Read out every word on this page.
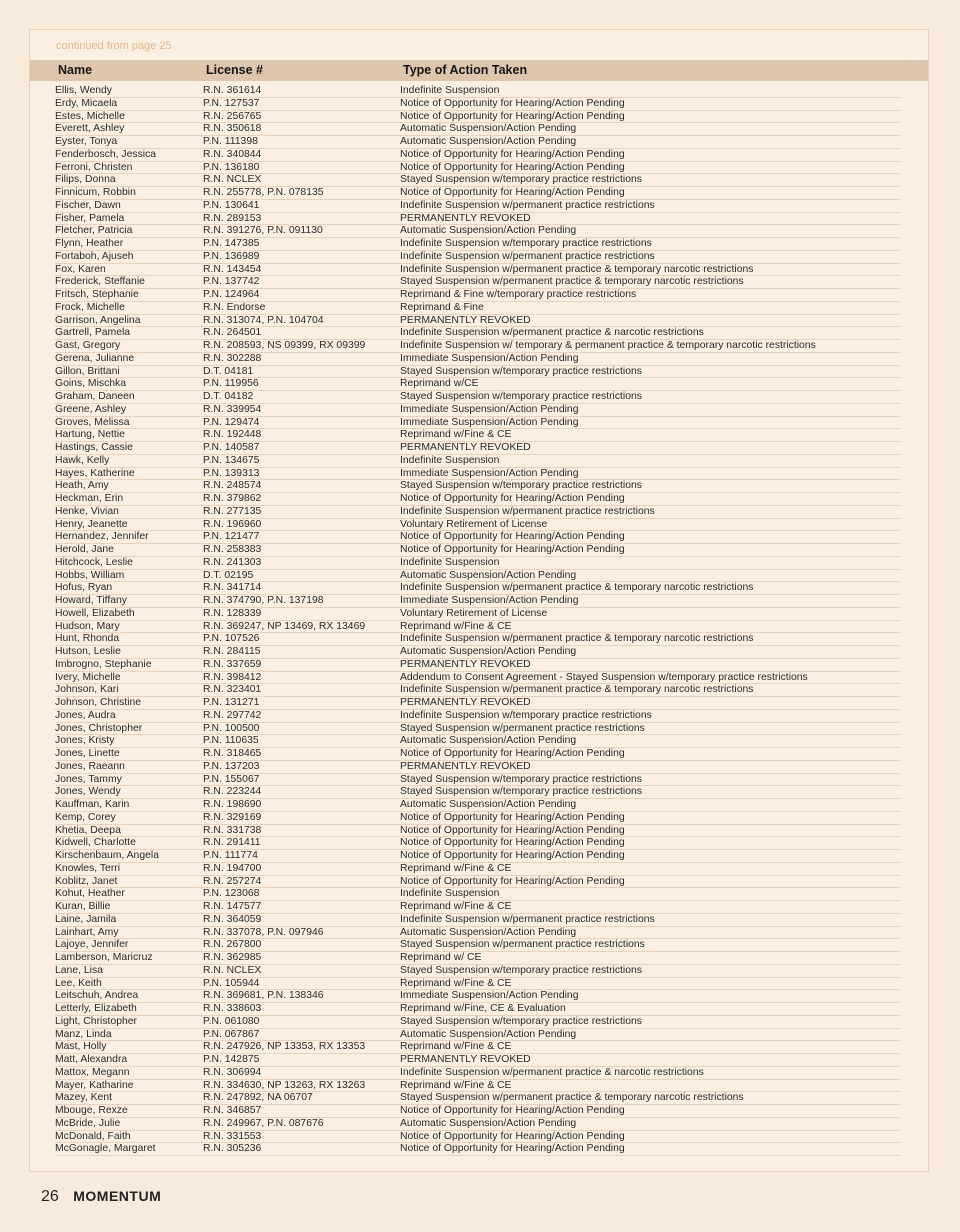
continued from page 25
Name	License #	Type of Action Taken
Ellis, Wendy	R.N. 361614	Indefinite Suspension
Erdy, Micaela	P.N. 127537	Notice of Opportunity for Hearing/Action Pending
Estes, Michelle	R.N. 256765	Notice of Opportunity for Hearing/Action Pending
Everett, Ashley	R.N. 350618	Automatic Suspension/Action Pending
Eyster, Tonya	P.N. 111398	Automatic Suspension/Action Pending
Fenderbosch, Jessica	R.N. 340844	Notice of Opportunity for Hearing/Action Pending
Ferroni, Christen	P.N. 136180	Notice of Opportunity for Hearing/Action Pending
Filips, Donna	R.N. NCLEX	Stayed Suspension w/temporary practice restrictions
Finnicum, Robbin	R.N. 255778, P.N. 078135	Notice of Opportunity for Hearing/Action Pending
Fischer, Dawn	P.N. 130641	Indefinite Suspension w/permanent practice restrictions
Fisher, Pamela	R.N. 289153	PERMANENTLY REVOKED
Fletcher, Patricia	R.N. 391276, P.N. 091130	Automatic Suspension/Action Pending
Flynn, Heather	P.N. 147385	Indefinite Suspension w/temporary practice restrictions
Fortaboh, Ajuseh	P.N. 136989	Indefinite Suspension w/permanent practice restrictions
Fox, Karen	R.N. 143454	Indefinite Suspension w/permanent practice & temporary narcotic restrictions
Frederick, Steffanie	P.N. 137742	Stayed Suspension w/permanent practice & temporary narcotic restrictions
Fritsch, Stephanie	P.N. 124964	Reprimand & Fine w/temporary practice restrictions
Frock, Michelle	R.N. Endorse	Reprimand & Fine
Garrison, Angelina	R.N. 313074, P.N. 104704	PERMANENTLY REVOKED
Gartrell, Pamela	R.N. 264501	Indefinite Suspension w/permanent practice & narcotic restrictions
Gast, Gregory	R.N. 208593, NS 09399, RX 09399	Indefinite Suspension w/ temporary & permanent practice & temporary narcotic restrictions
Gerena, Julianne	R.N. 302288	Immediate Suspension/Action Pending
Gillon, Brittani	D.T. 04181	Stayed Suspension w/temporary practice restrictions
Goins, Mischka	P.N. 119956	Reprimand w/CE
Graham, Daneen	D.T. 04182	Stayed Suspension w/temporary practice restrictions
Greene, Ashley	R.N. 339954	Immediate Suspension/Action Pending
Groves, Melissa	P.N. 129474	Immediate Suspension/Action Pending
Hartung, Nettie	R.N. 192448	Reprimand w/Fine & CE
Hastings, Cassie	P.N. 140587	PERMANENTLY REVOKED
Hawk, Kelly	P.N. 134675	Indefinite Suspension
Hayes, Katherine	P.N. 139313	Immediate Suspension/Action Pending
Heath, Amy	R.N. 248574	Stayed Suspension w/temporary practice restrictions
Heckman, Erin	R.N. 379862	Notice of Opportunity for Hearing/Action Pending
Henke, Vivian	R.N. 277135	Indefinite Suspension w/permanent practice restrictions
Henry, Jeanette	R.N. 196960	Voluntary Retirement of License
Hernandez, Jennifer	P.N. 121477	Notice of Opportunity for Hearing/Action Pending
Herold, Jane	R.N. 258383	Notice of Opportunity for Hearing/Action Pending
Hitchcock, Leslie	R.N. 241303	Indefinite Suspension
Hobbs, William	D.T. 02195	Automatic Suspension/Action Pending
Hofus, Ryan	R.N. 341714	Indefinite Suspension w/permanent practice & temporary narcotic restrictions
Howard, Tiffany	R.N. 374790, P.N. 137198	Immediate Suspension/Action Pending
Howell, Elizabeth	R.N. 128339	Voluntary Retirement of License
Hudson, Mary	R.N. 369247, NP 13469, RX 13469	Reprimand w/Fine & CE
Hunt, Rhonda	P.N. 107526	Indefinite Suspension w/permanent practice & temporary narcotic restrictions
Hutson, Leslie	R.N. 284115	Automatic Suspension/Action Pending
Imbrogno, Stephanie	R.N. 337659	PERMANENTLY REVOKED
Ivery, Michelle	R.N. 398412	Addendum to Consent Agreement - Stayed Suspension w/temporary practice restrictions
Johnson, Kari	R.N. 323401	Indefinite Suspension w/permanent practice & temporary narcotic restrictions
Johnson, Christine	P.N. 131271	PERMANENTLY REVOKED
Jones, Audra	R.N. 297742	Indefinite Suspension w/temporary practice restrictions
Jones, Christopher	P.N. 100500	Stayed Suspension w/permanent practice restrictions
Jones, Kristy	P.N. 110635	Automatic Suspension/Action Pending
Jones, Linette	R.N. 318465	Notice of Opportunity for Hearing/Action Pending
Jones, Raeann	P.N. 137203	PERMANENTLY REVOKED
Jones, Tammy	P.N. 155067	Stayed Suspension w/temporary practice restrictions
Jones, Wendy	R.N. 223244	Stayed Suspension w/temporary practice restrictions
Kauffman, Karin	R.N. 198690	Automatic Suspension/Action Pending
Kemp, Corey	R.N. 329169	Notice of Opportunity for Hearing/Action Pending
Khetia, Deepa	R.N. 331738	Notice of Opportunity for Hearing/Action Pending
Kidwell, Charlotte	R.N. 291411	Notice of Opportunity for Hearing/Action Pending
Kirschenbaum, Angela	P.N. 111774	Notice of Opportunity for Hearing/Action Pending
Knowles, Terri	R.N. 194700	Reprimand w/Fine & CE
Koblitz, Janet	R.N. 257274	Notice of Opportunity for Hearing/Action Pending
Kohut, Heather	P.N. 123068	Indefinite Suspension
Kuran, Billie	R.N. 147577	Reprimand w/Fine & CE
Laine, Jamila	R.N. 364059	Indefinite Suspension w/permanent practice restrictions
Lainhart, Amy	R.N. 337078, P.N. 097946	Automatic Suspension/Action Pending
Lajoye, Jennifer	R.N. 267800	Stayed Suspension w/permanent practice restrictions
Lamberson, Maricruz	R.N. 362985	Reprimand w/ CE
Lane, Lisa	R.N. NCLEX	Stayed Suspension w/temporary practice restrictions
Lee, Keith	P.N. 105944	Reprimand w/Fine & CE
Leitschuh, Andrea	R.N. 369681, P.N. 138346	Immediate Suspension/Action Pending
Letterly, Elizabeth	R.N. 338603	Reprimand w/Fine, CE & Evaluation
Light, Christopher	P.N. 061080	Stayed Suspension w/temporary practice restrictions
Manz, Linda	P.N. 067867	Automatic Suspension/Action Pending
Mast, Holly	R.N. 247926, NP 13353, RX 13353	Reprimand w/Fine & CE
Matt, Alexandra	P.N. 142875	PERMANENTLY REVOKED
Mattox, Megann	R.N. 306994	Indefinite Suspension w/permanent practice & narcotic restrictions
Mayer, Katharine	R.N. 334630, NP 13263, RX 13263	Reprimand w/Fine & CE
Mazey, Kent	R.N. 247892, NA 06707	Stayed Suspension w/permanent practice & temporary narcotic restrictions
Mbouge, Rexze	R.N. 346857	Notice of Opportunity for Hearing/Action Pending
McBride, Julie	R.N. 249967, P.N. 087676	Automatic Suspension/Action Pending
McDonald, Faith	R.N. 331553	Notice of Opportunity for Hearing/Action Pending
McGonagle, Margaret	R.N. 305236	Notice of Opportunity for Hearing/Action Pending
26 MOMENTUM
